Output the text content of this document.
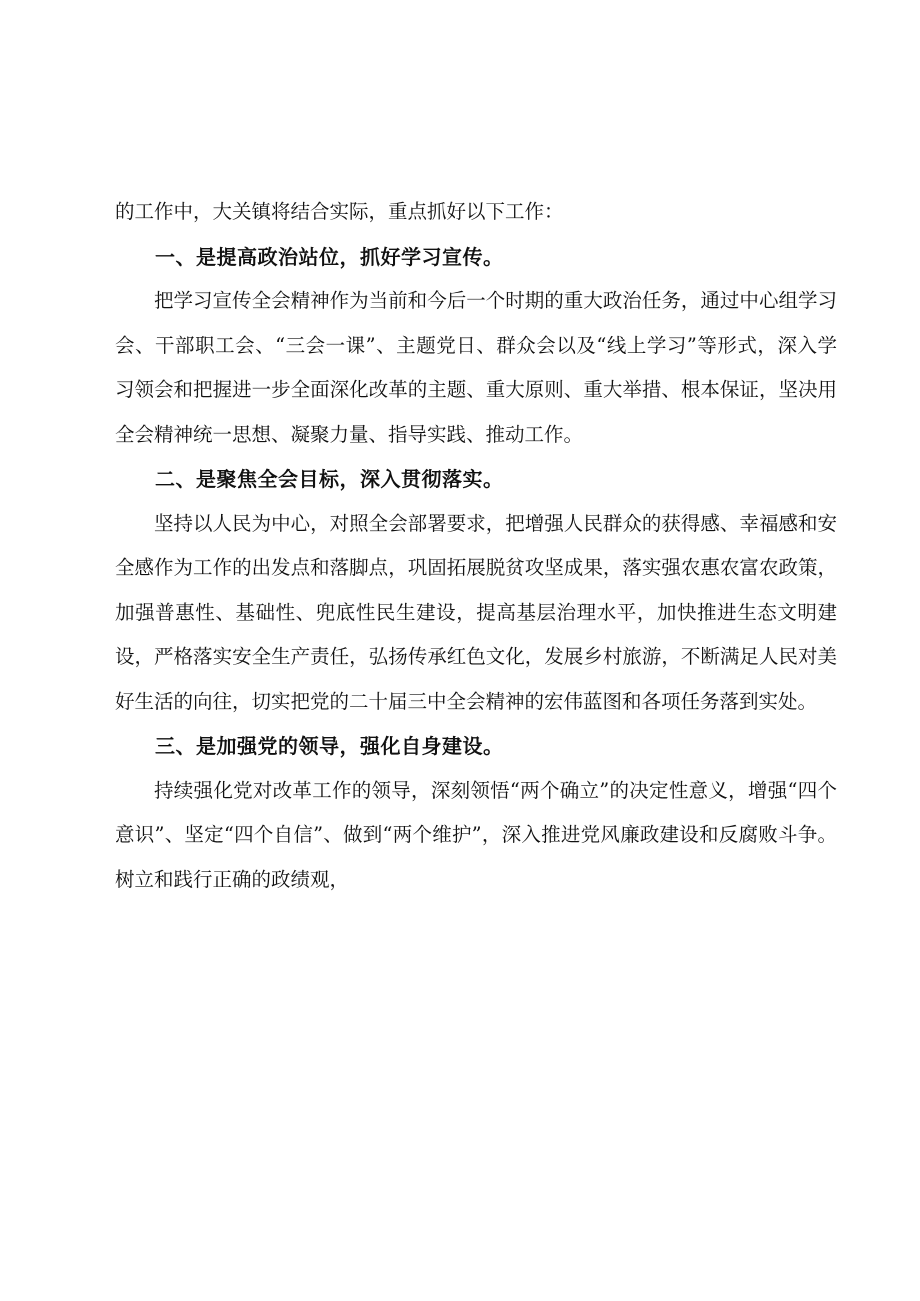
的工作中，大关镇将结合实际，重点抓好以下工作：

一、是提高政治站位，抓好学习宣传。

把学习宣传全会精神作为当前和今后一个时期的重大政治任务，通过中心组学习会、干部职工会、“三会一课”、主题党日、群众会以及“线上学习”等形式，深入学习领会和把握进一步全面深化改革的主题、重大原则、重大举措、根本保证，坚决用全会精神统一思想、凝聚力量、指导实践、推动工作。

二、是聚焦全会目标，深入贯彻落实。

坚持以人民为中心，对照全会部署要求，把增强人民群众的获得感、幸福感和安全感作为工作的出发点和落脚点，巩固拓展脱贫攻坚成果，落实强农惠农富农政策，加强普惠性、基础性、兜底性民生建设，提高基层治理水平，加快推进生态文明建设，严格落实安全生产责任，弘扬传承红色文化，发展乡村旅游，不断满足人民对美好生活的向往，切实把党的二十届三中全会精神的宏伟蓝图和各项任务落到实处。

三、是加强党的领导，强化自身建设。

持续强化党对改革工作的领导，深刻领悟“两个确立”的决定性意义，增强“四个意识”、坚定“四个自信”、做到“两个维护”，深入推进党风廉政建设和反腐败斗争。树立和践行正确的政绩观，
